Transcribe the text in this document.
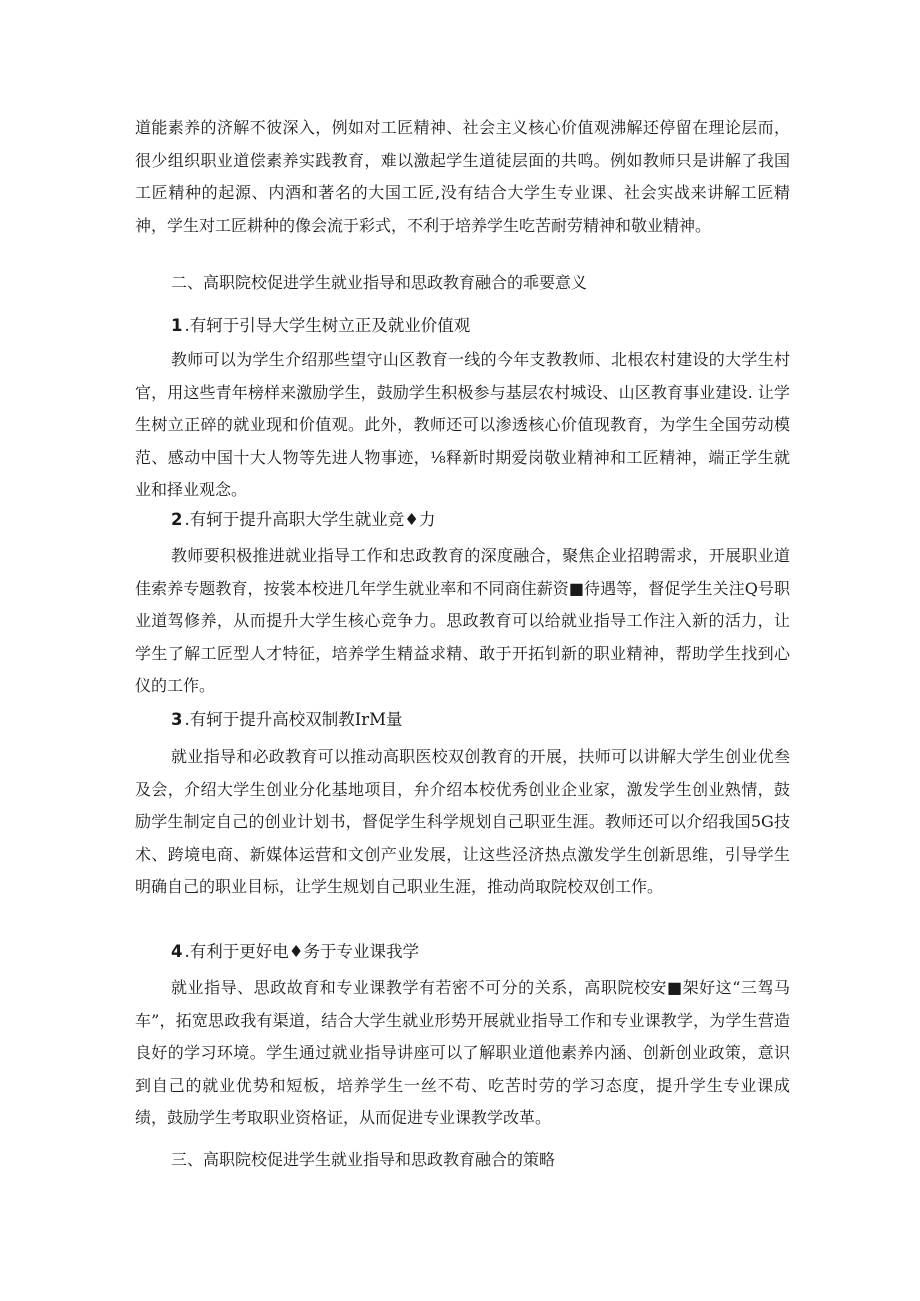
道能素养的济解不彼深入，例如对工匠精神、社会主义核心价值观沸解还停留在理论层而，很少组织职业道偿素养实践教育，难以激起学生道徒层面的共鸣。例如教师只是讲解了我国工匠精种的起源、内酒和著名的大国工匠,没有结合大学生专业课、社会实战来讲解工匠精神，学生对工匠耕种的像会流于彩式，不利于培养学生吃苦耐劳精神和敬业精神。

二、高职院校促进学生就业指导和思政教育融合的乖要意义

1 .有轲于引导大学生树立正及就业价值观

教师可以为学生介绍那些望守山区教育一线的今年支教教师、北根农村建设的大学生村官，用这些青年榜样来激励学生，鼓励学生积极参与基层农村城设、山区教育事业建设. 让学生树立正碎的就业现和价值观。此外，教师还可以渗透核心价值现教育，为学生全国劳动模范、感动中国十大人物等先进人物事迹，⅛释新时期爱岗敬业精神和工匠精神，端正学生就业和择业观念。

2 .有轲于提升高职大学生就业竞♦力

教师要积极推进就业指导工作和忠政教育的深度融合，聚焦企业招聘需求，开展职业道佳索养专题教育，按裳本校进几年学生就业率和不同商住薪资■待遇等，督促学生关注Q号职业道驾修养，从而提升大学生核心竞争力。思政教育可以给就业指导工作注入新的活力，让学生了解工匠型人才特征，培养学生精益求精、敢于开拓钊新的职业精神，帮助学生找到心仪的工作。

3 .有轲于提升高校双制教IrM量

就业指导和必政教育可以推动高职医校双创教育的开展，扶师可以讲解大学生创业优叁及会，介绍大学生创业分化基地项目，弁介绍本校优秀创业企业家，激发学生创业熟情，鼓励学生制定自己的创业计划书，督促学生科学规划自己职亚生涯。教师还可以介绍我国5G技术、跨境电商、新媒体运营和文创产业发展，让这些泾济热点激发学生创新思维，引导学生明确自己的职业目标，让学生规划自己职业生涯，推动尚取院校双创工作。

4 .有利于更好电♦务于专业课我学

就业指导、思政故育和专业课教学有若密不可分的关系，高职院校安■架好这“三驾马车”，拓宽思政我有渠道，结合大学生就业形势开展就业指导工作和专业课教学，为学生营造良好的学习环境。学生通过就业指导讲座可以了解职业道他素养内涵、创新创业政策，意识到自己的就业优势和短板，培养学生一丝不苟、吃苦时劳的学习态度，提升学生专业课成绩，鼓励学生考取职业资格证，从而促进专业课教学改革。

三、高职院校促进学生就业指导和思政教育融合的策略
